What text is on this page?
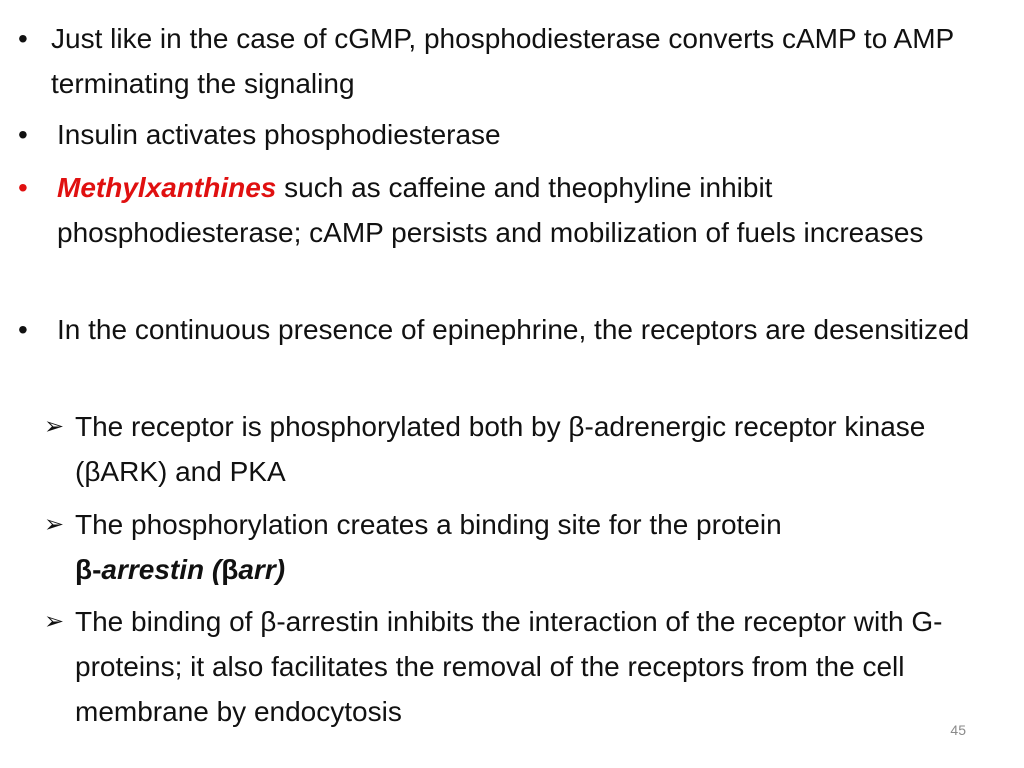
• Just like in the case of cGMP, phosphodiesterase converts cAMP to AMP terminating the signaling
•	Insulin activates phosphodiesterase
•	Methylxanthines such as caffeine and theophyline inhibit phosphodiesterase; cAMP persists and mobilization of fuels increases
•	In the continuous presence of epinephrine, the receptors are desensitized
➢ The receptor is phosphorylated both by β-adrenergic receptor kinase (βARK) and PKA
➢ The phosphorylation creates a binding site for the protein
β-arrestin (βarr)
➢ The binding of β-arrestin inhibits the interaction of the receptor with G-proteins; it also facilitates the removal of the receptors from the cell membrane by endocytosis
45
